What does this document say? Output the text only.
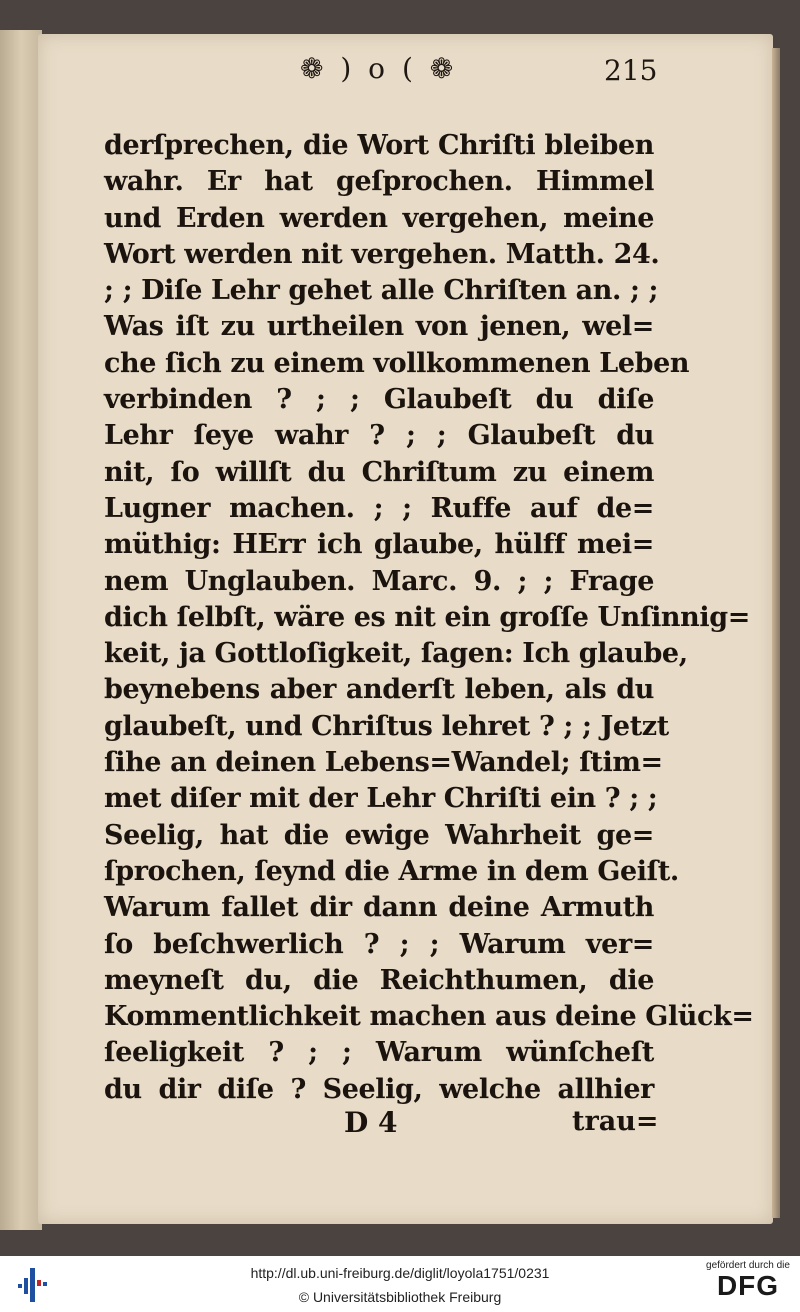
❁ ) o ( ❁	215
derſprechen, die Wort Chriſti bleiben
wahr. Er hat geſprochen. Himmel
und Erden werden vergehen, meine
Wort werden nit vergehen. Matth. 24.
; ; Diſe Lehr gehet alle Chriſten an. ; ;
Was iſt zu urtheilen von jenen, wel=
che ſich zu einem vollkommenen Leben
verbinden ? ; ; Glaubeſt du diſe
Lehr ſeye wahr ? ; ; Glaubeſt du
nit, ſo willſt du Chriſtum zu einem
Lugner machen. ; ; Ruffe auf de=
müthig: HErr ich glaube, hülff mei=
nem Unglauben. Marc. 9. ; ; Frage
dich ſelbſt, wäre es nit ein groſſe Unſinnig=
keit, ja Gottloſigkeit, ſagen: Ich glaube,
beynebens aber anderſt leben, als du
glaubeſt, und Chriſtus lehret ? ; ; Jetzt
ſihe an deinen Lebens=Wandel; ſtim=
met diſer mit der Lehr Chriſti ein ? ; ;
Seelig, hat die ewige Wahrheit ge=
ſprochen, ſeynd die Arme in dem Geiſt.
Warum fallet dir dann deine Armuth
ſo beſchwerlich ? ; ; Warum ver=
meyneſt du, die Reichthumen, die
Kommentlichkeit machen aus deine Glück=
ſeeligkeit ? ; ; Warum wünſcheſt
du dir diſe ? Seelig, welche allhier
D 4	trau=
http://dl.ub.uni-freiburg.de/diglit/loyola1751/0231
© Universitätsbibliothek Freiburg
gefördert durch die
DFG
